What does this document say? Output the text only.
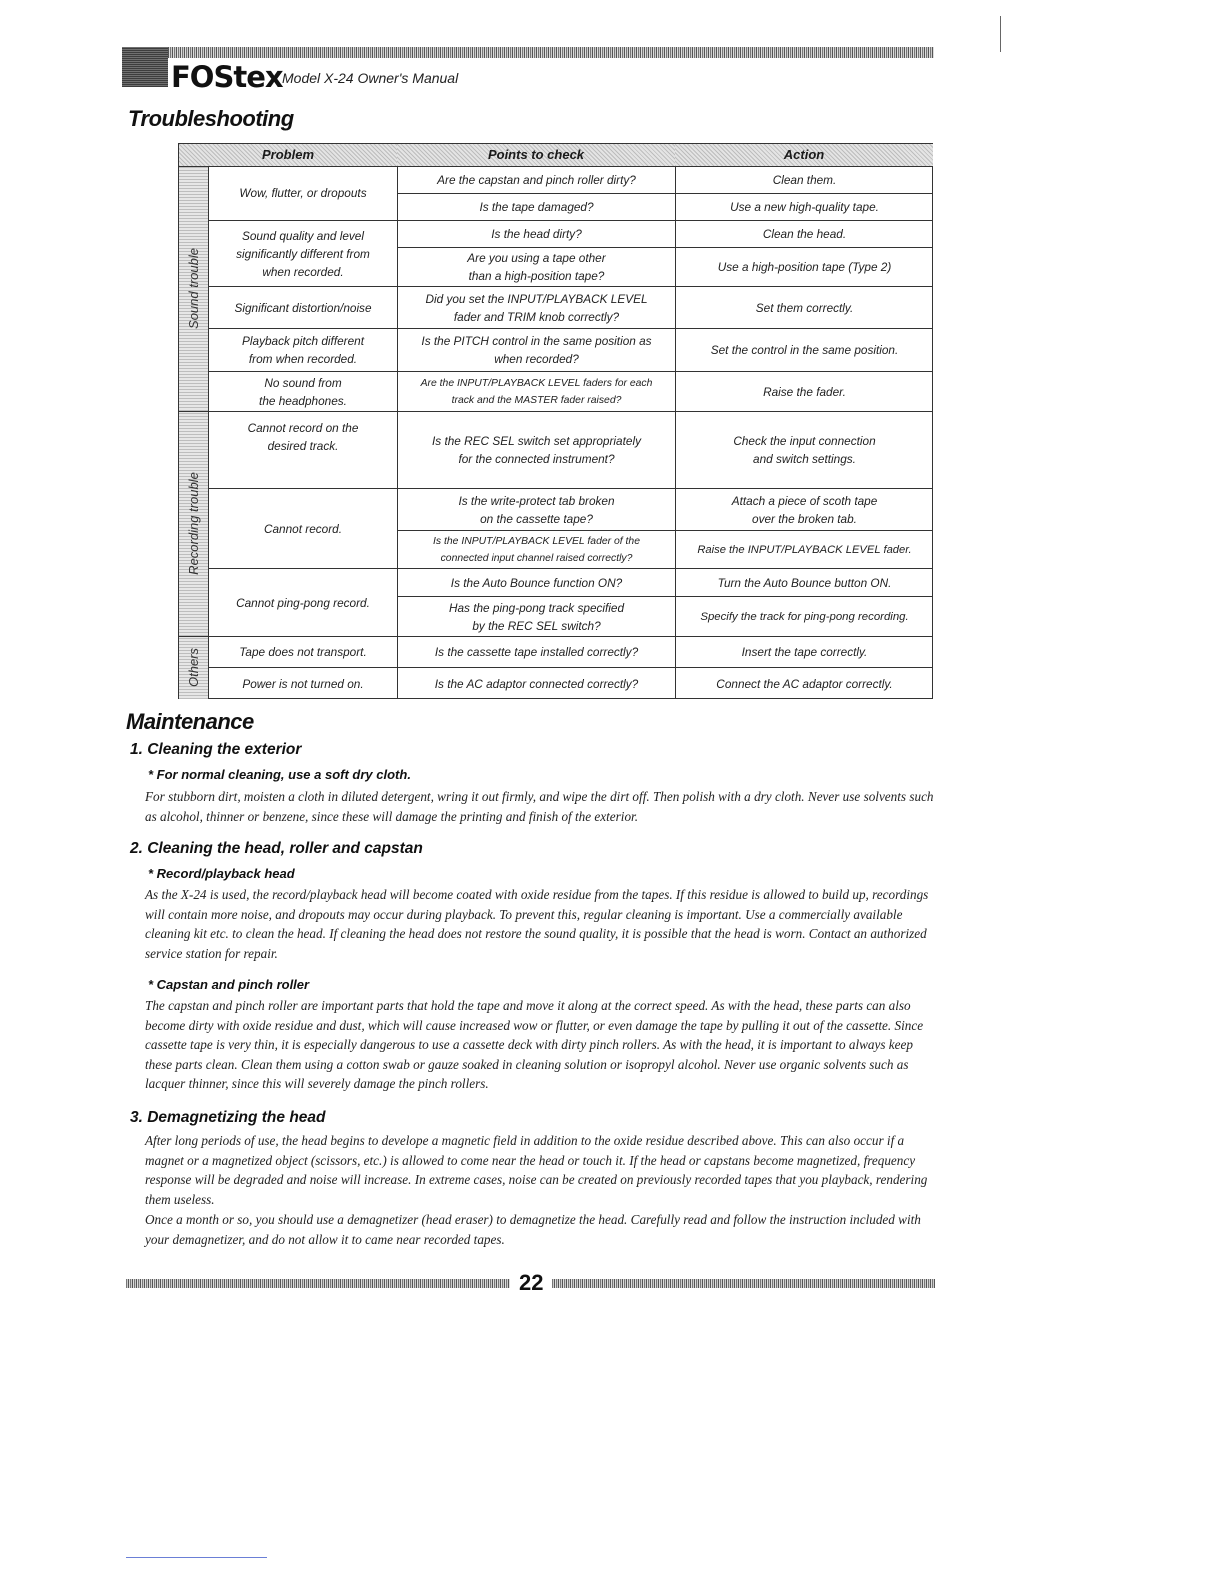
FOStex Model X-24 Owner's Manual
Troubleshooting
Problem	Points to check	Action
Sound trouble
Recording trouble
Others
Wow, flutter, or dropouts
Sound quality and level
significantly different from
when recorded.
Significant distortion/noise
Playback pitch different
from when recorded.
No sound from
the headphones.
Cannot record on the
desired track.
Cannot record.
Cannot ping-pong record.
Tape does not transport.
Power is not turned on.
Are the capstan and pinch roller dirty?
Is the tape damaged?
Is the head dirty?
Are you using a tape other
than a high-position tape?
Did you set the INPUT/PLAYBACK LEVEL
fader and TRIM knob correctly?
Is the PITCH control in the same position as
when recorded?
Are the INPUT/PLAYBACK LEVEL faders for each
track and the MASTER fader raised?
Is the REC SEL switch set appropriately
for the connected instrument?
Is the write-protect tab broken
on the cassette tape?
Is the INPUT/PLAYBACK LEVEL fader of the
connected input channel raised correctly?
Is the Auto Bounce function ON?
Has the ping-pong track specified
by the REC SEL switch?
Is the cassette tape installed correctly?
Is the AC adaptor connected correctly?
Clean them.
Use a new high-quality tape.
Clean the head.
Use a high-position tape (Type 2)
Set them correctly.
Set the control in the same position.
Raise the fader.
Check the input connection
and switch settings.
Attach a piece of scoth tape
over the broken tab.
Raise the INPUT/PLAYBACK LEVEL fader.
Turn the Auto Bounce button ON.
Specify the track for ping-pong recording.
Insert the tape correctly.
Connect the AC adaptor correctly.
Maintenance
1. Cleaning the exterior
* For normal cleaning, use a soft dry cloth.

For stubborn dirt, moisten a cloth in diluted detergent, wring it out firmly, and wipe the dirt off. Then polish with a dry cloth. Never use solvents such as alcohol, thinner or benzene, since these will damage the printing and finish of the exterior.

2. Cleaning the head, roller and capstan
* Record/playback head

As the X-24 is used, the record/playback head will become coated with oxide residue from the tapes. If this residue is allowed to build up, recordings will contain more noise, and dropouts may occur during playback. To prevent this, regular cleaning is important. Use a commercially available cleaning kit etc. to clean the head. If cleaning the head does not restore the sound quality, it is possible that the head is worn. Contact an authorized service station for repair.

* Capstan and pinch roller

The capstan and pinch roller are important parts that hold the tape and move it along at the correct speed. As with the head, these parts can also become dirty with oxide residue and dust, which will cause increased wow or flutter, or even damage the tape by pulling it out of the cassette. Since cassette tape is very thin, it is especially dangerous to use a cassette deck with dirty pinch rollers. As with the head, it is important to always keep these parts clean. Clean them using a cotton swab or gauze soaked in cleaning solution or isopropyl alcohol. Never use organic solvents such as lacquer thinner, since this will severely damage the pinch rollers.

3. Demagnetizing the head

After long periods of use, the head begins to develope a magnetic field in addition to the oxide residue described above. This can also occur if a magnet or a magnetized object (scissors, etc.) is allowed to come near the head or touch it. If the head or capstans become magnetized, frequency response will be degraded and noise will increase. In extreme cases, noise can be created on previously recorded tapes that you playback, rendering them useless.

Once a month or so, you should use a demagnetizer (head eraser) to demagnetize the head. Carefully read and follow the instruction included with your demagnetizer, and do not allow it to came near recorded tapes.

22
